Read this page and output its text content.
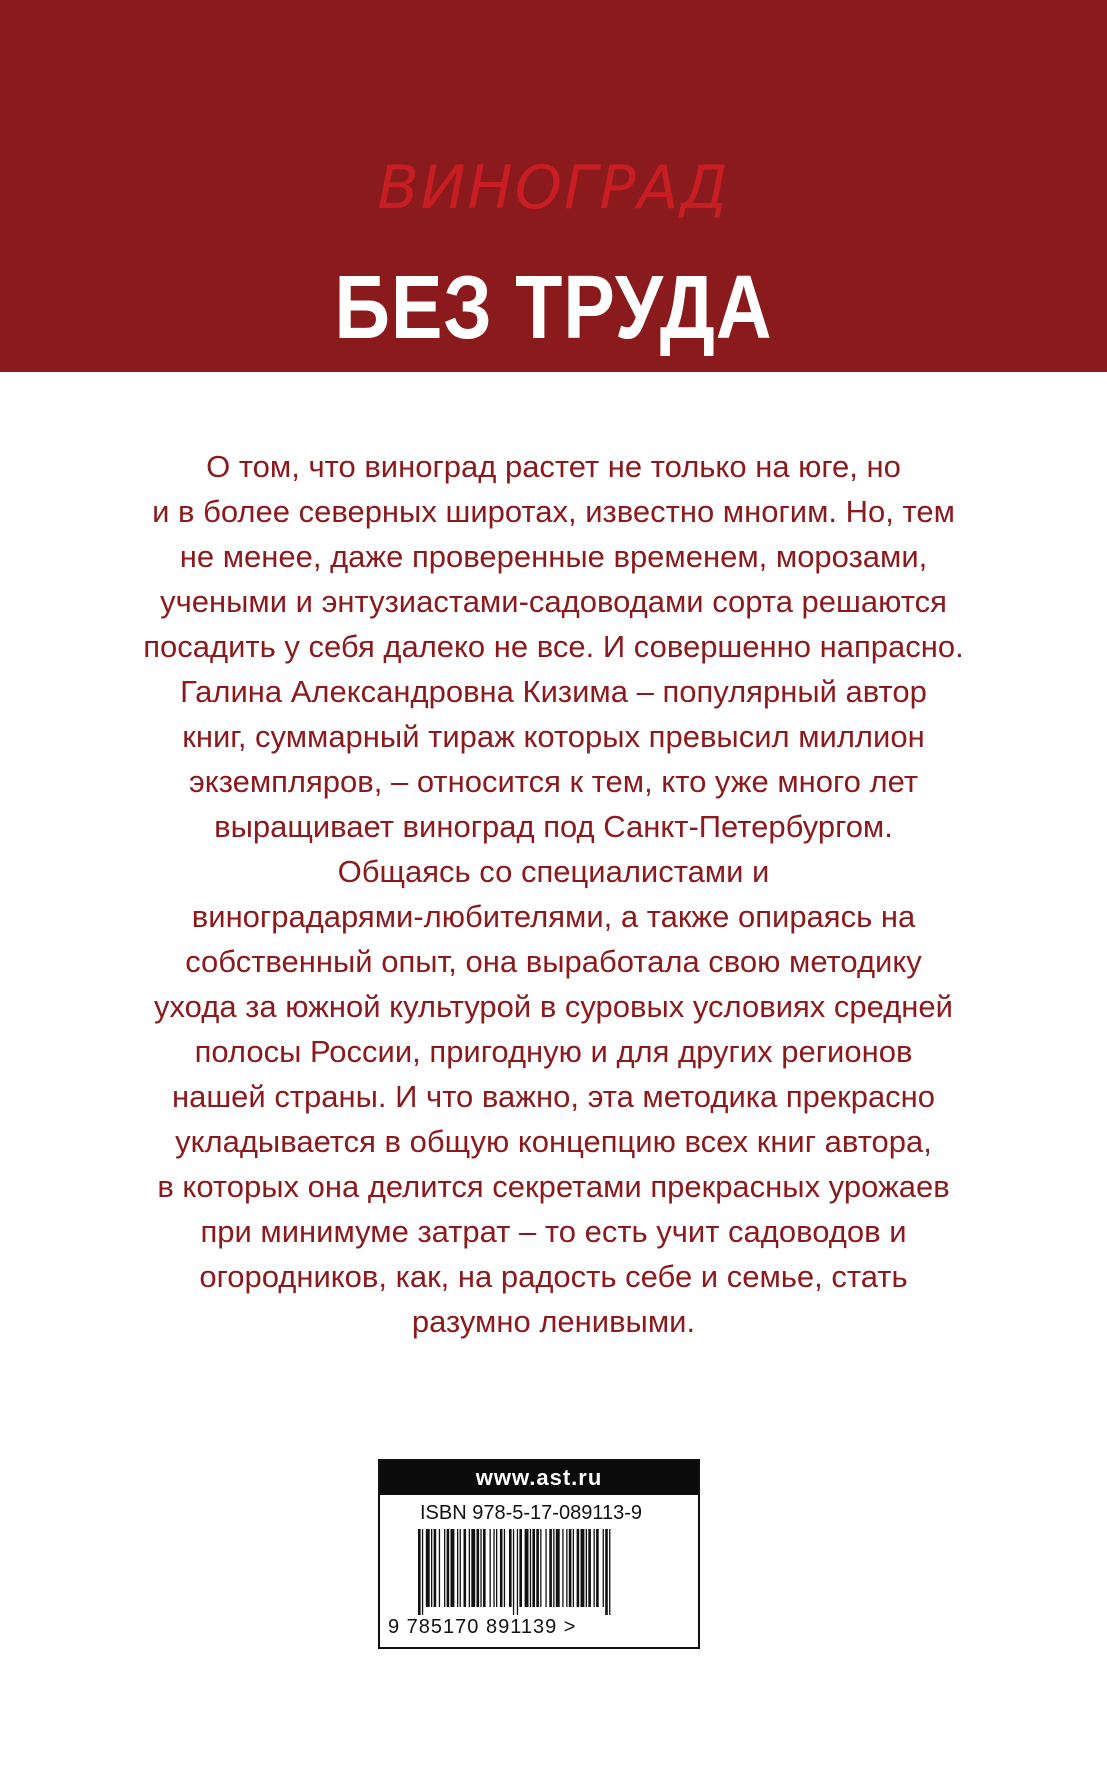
ВИНОГРАД
БЕЗ ТРУДА

О том, что виноград растет не только на юге, но
и в более северных широтах, известно многим. Но, тем
не менее, даже проверенные временем, морозами,
учеными и энтузиастами-садоводами сорта решаются
посадить у себя далеко не все. И совершенно напрасно.
Галина Александровна Кизима – популярный автор
книг, суммарный тираж которых превысил миллион
экземпляров, – относится к тем, кто уже много лет
выращивает виноград под Санкт-Петербургом.
Общаясь со специалистами и
виноградарями-любителями, а также опираясь на
собственный опыт, она выработала свою методику
ухода за южной культурой в суровых условиях средней
полосы России, пригодную и для других регионов
нашей страны. И что важно, эта методика прекрасно
укладывается в общую концепцию всех книг автора,
в которых она делится секретами прекрасных урожаев
при минимуме затрат – то есть учит садоводов и
огородников, как, на радость себе и семье, стать
разумно ленивыми.

www.ast.ru
ISBN 978-5-17-089113-9
9 785170 891139 >
